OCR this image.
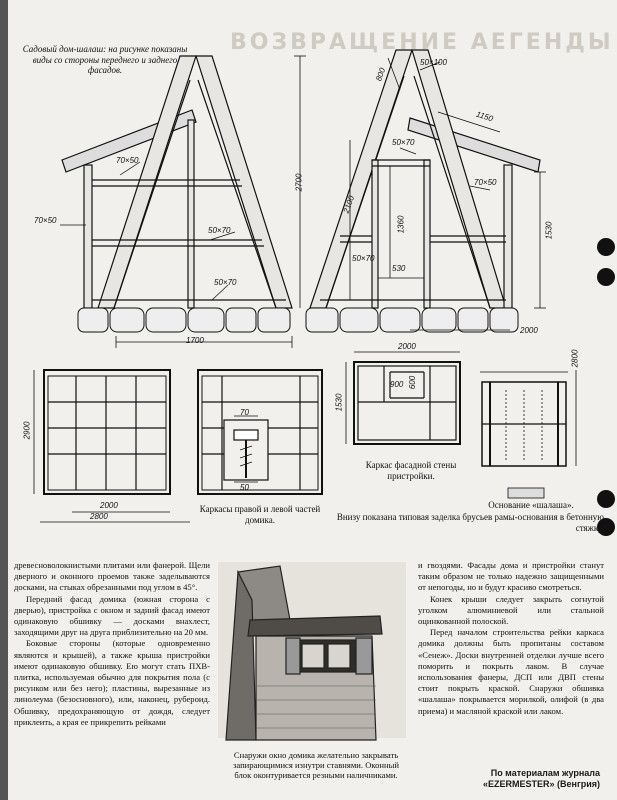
ВОЗВРАЩЕНИЕ АЕГЕНДЫ
Садовый дом-шалаш: на рисунке показаны виды со стороны переднего и заднего фасадов.
50×100
800
1150
2700
50×70
70×50
70×50
70×50
50×70
50×70
2100
1360
50×70
530
1530
2000
1700
2000
2800
2900
2000
2800
70
50
1530
900 600
Каркасы правой и левой частей домика.
Каркас фасадной стены пристройки.
Основание «шалаша».
Внизу показана типовая заделка брусьев рамы-основания в бетонную стяжку.

древесноволокнистыми плитами или фанерой. Щели дверного и оконного проемов также заделываются досками, на стыках обрезанными под углом в 45°.

Передний фасад домика (южная сторона с дверью), пристройка с окном и задний фасад имеют одинаковую обшивку — досками внахлест, заходящими друг на друга приблизительно на 20 мм.

Боковые стороны (которые одновременно являются и крышей), а также крыша пристройки имеют одинаковую обшивку. Ею могут стать ПХВ-плитка, используемая обычно для покрытия пола (с рисунком или без него); пластины, вырезанные из линолеума (безосновного), или, наконец, рубероид. Обшивку, предохраняющую от дождя, следует приклеить, а края ее прикрепить рейками

и гвоздями. Фасады дома и пристройки станут таким образом не только надежно защищенными от непогоды, но и будут красиво смотреться.

Конек крыши следует закрыть согнутой уголком алюминиевой или стальной оцинкованной полоской.

Перед началом строительства рейки каркаса домика должны быть пропитаны составом «Сенеж». Доски внутренней отделки лучше всего поморить и покрыть лаком. В случае использования фанеры, ДСП или ДВП стены стоит покрыть краской. Снаружи обшивка «шалаша» покрывается морилкой, олифой (в два приема) и масляной краской или лаком.

Снаружи окно домика желательно закрывать запирающимися изнутри ставнями. Оконный блок оконтуривается резными наличниками.	По материалам журнала
«EZERMESTER» (Венгрия)
